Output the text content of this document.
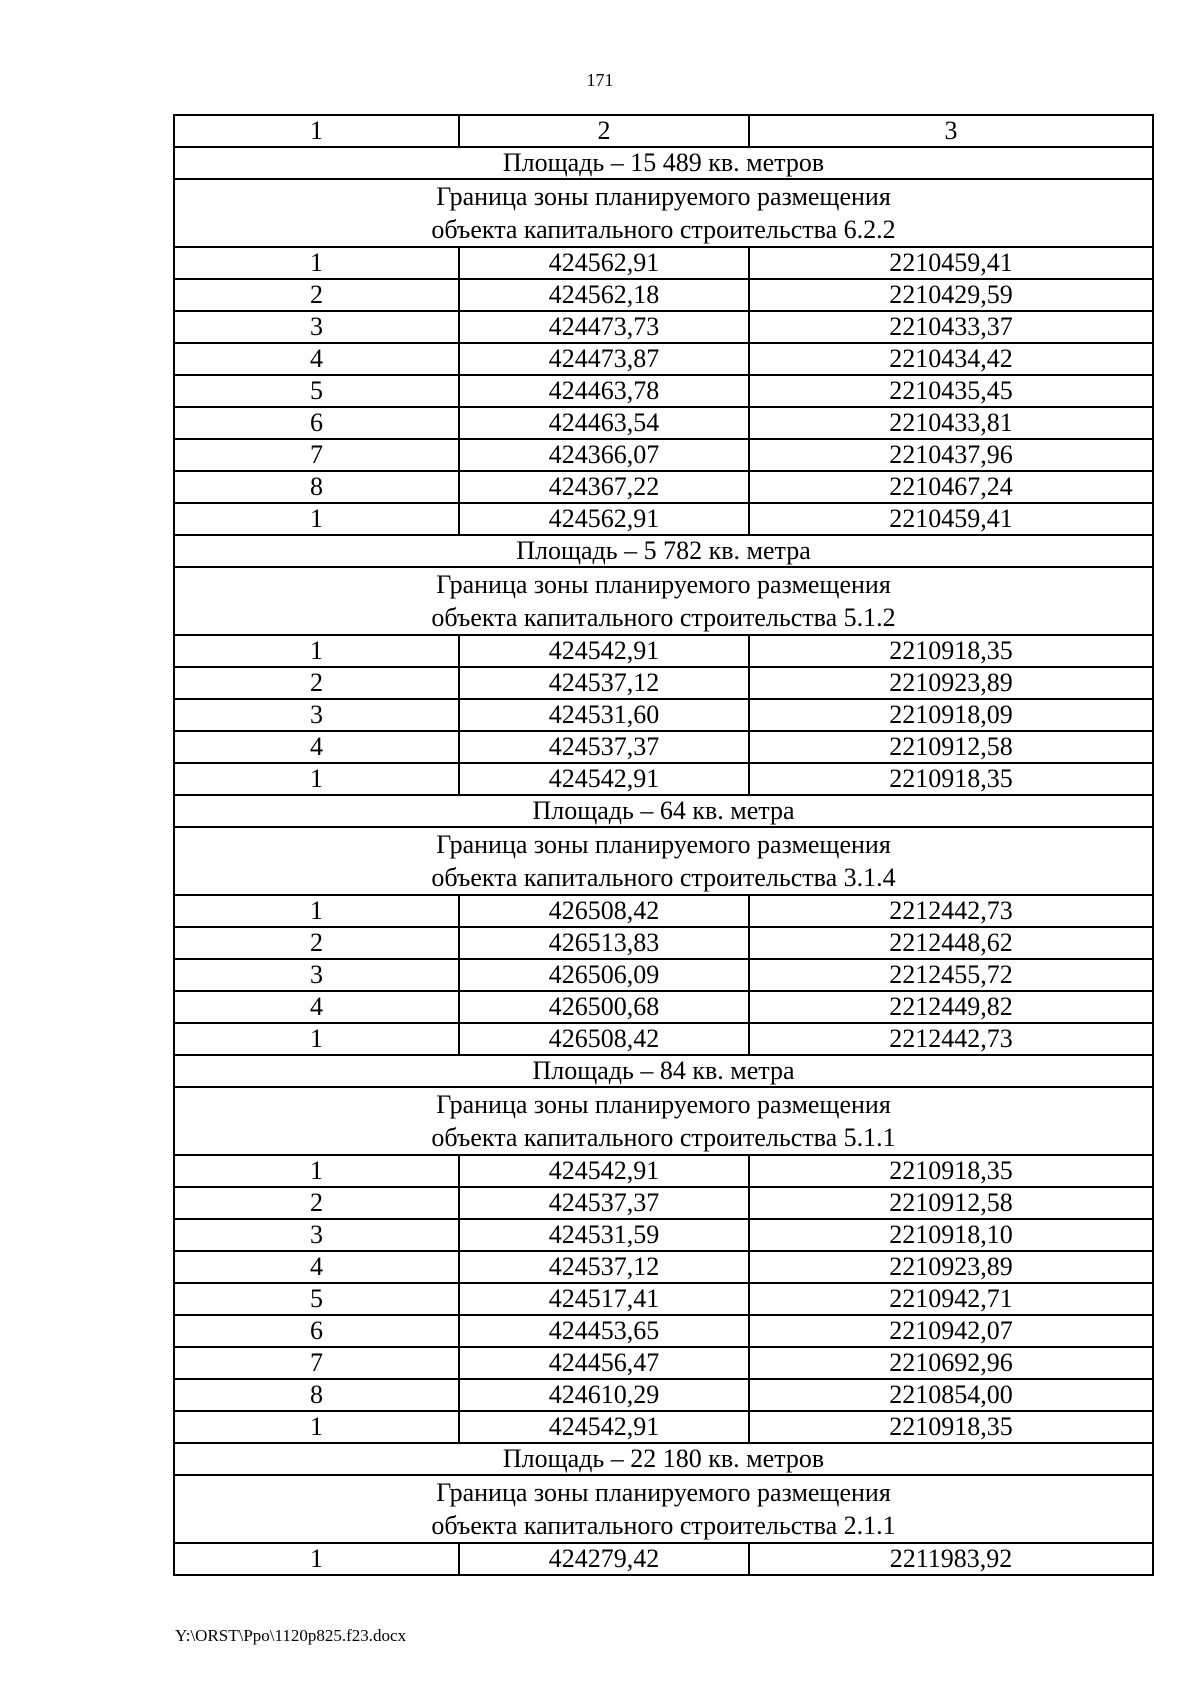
171
1	2	3
Площадь – 15 489 кв. метров		

Граница зоны планируемого размещения
объекта капитального строительства 6.2.2		

1	424562,91	2210459,41
2	424562,18	2210429,59
3	424473,73	2210433,37
4	424473,87	2210434,42
5	424463,78	2210435,45
6	424463,54	2210433,81
7	424366,07	2210437,96
8	424367,22	2210467,24
1	424562,91	2210459,41
Площадь – 5 782 кв. метра		

Граница зоны планируемого размещения
объекта капитального строительства 5.1.2		

1	424542,91	2210918,35
2	424537,12	2210923,89
3	424531,60	2210918,09
4	424537,37	2210912,58
1	424542,91	2210918,35
Площадь – 64 кв. метра		

Граница зоны планируемого размещения
объекта капитального строительства 3.1.4		

1	426508,42	2212442,73
2	426513,83	2212448,62
3	426506,09	2212455,72
4	426500,68	2212449,82
1	426508,42	2212442,73
Площадь – 84 кв. метра		

Граница зоны планируемого размещения
объекта капитального строительства 5.1.1		

1	424542,91	2210918,35
2	424537,37	2210912,58
3	424531,59	2210918,10
4	424537,12	2210923,89
5	424517,41	2210942,71
6	424453,65	2210942,07
7	424456,47	2210692,96
8	424610,29	2210854,00
1	424542,91	2210918,35
Площадь – 22 180 кв. метров		

Граница зоны планируемого размещения
объекта капитального строительства 2.1.1		

1	424279,42	2211983,92
Y:\ORST\Ppo\1120p825.f23.docx
